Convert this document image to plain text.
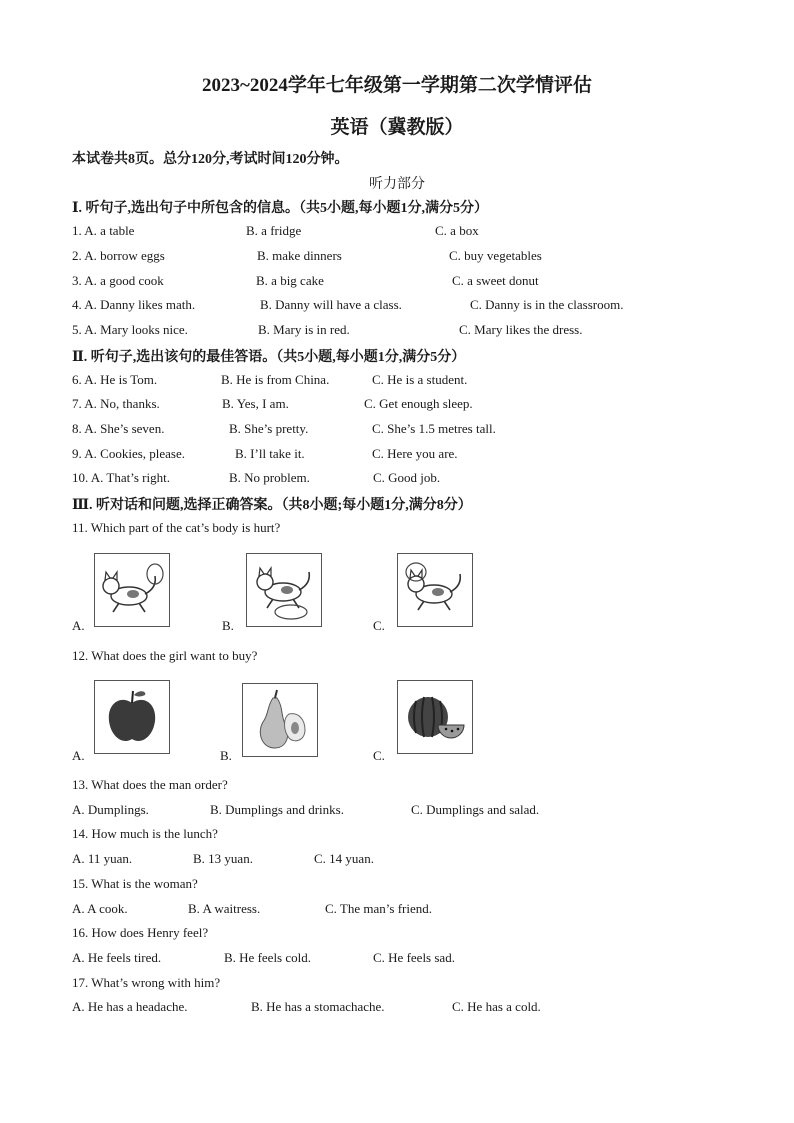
2023~2024学年七年级第一学期第二次学情评估
英语（冀教版）
本试卷共8页。总分120分,考试时间120分钟。
听力部分
Ⅰ. 听句子,选出句子中所包含的信息。（共5小题,每小题1分,满分5分）
1. A. a table	B. a fridge	C. a box
2. A. borrow eggs	B. make dinners	C. buy vegetables
3. A. a good cook	B. a big cake	C. a sweet donut
4. A. Danny likes math.	B. Danny will have a class.	C. Danny is in the classroom.
5. A. Mary looks nice.	B. Mary is in red.	C. Mary likes the dress.
Ⅱ. 听句子,选出该句的最佳答语。（共5小题,每小题1分,满分5分）
6. A. He is Tom.	B. He is from China.	C. He is a student.
7. A. No, thanks.	B. Yes, I am.	C. Get enough sleep.
8. A. She’s seven.	B. She’s pretty.	C. She’s 1.5 metres tall.
9. A. Cookies, please.	B. I’ll take it.	C. Here you are.
10. A. That’s right.	B. No problem.	C. Good job.
Ⅲ. 听对话和问题,选择正确答案。（共8小题;每小题1分,满分8分）
11. Which part of the cat’s body is hurt?
A.	B.	C.
12. What does the girl want to buy?
A.	B.	C.
13. What does the man order?
A. Dumplings.	B. Dumplings and drinks.	C. Dumplings and salad.
14. How much is the lunch?
A. 11 yuan.	B. 13 yuan.	C. 14 yuan.
15. What is the woman?
A. A cook.	B. A waitress.	C. The man’s friend.
16. How does Henry feel?
A. He feels tired.	B. He feels cold.	C. He feels sad.
17. What’s wrong with him?
A. He has a headache.	B. He has a stomachache.	C. He has a cold.
